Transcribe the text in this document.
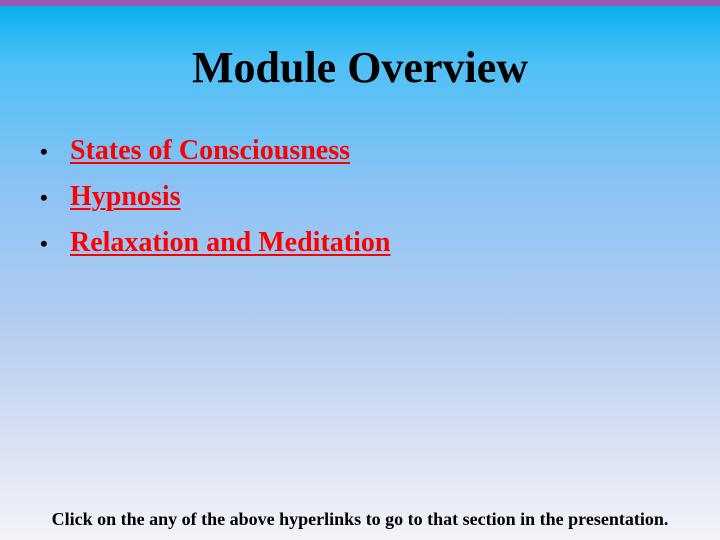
Module Overview
• States of Consciousness
• Hypnosis
• Relaxation and Meditation
Click on the any of the above hyperlinks to go to that section in the presentation.
